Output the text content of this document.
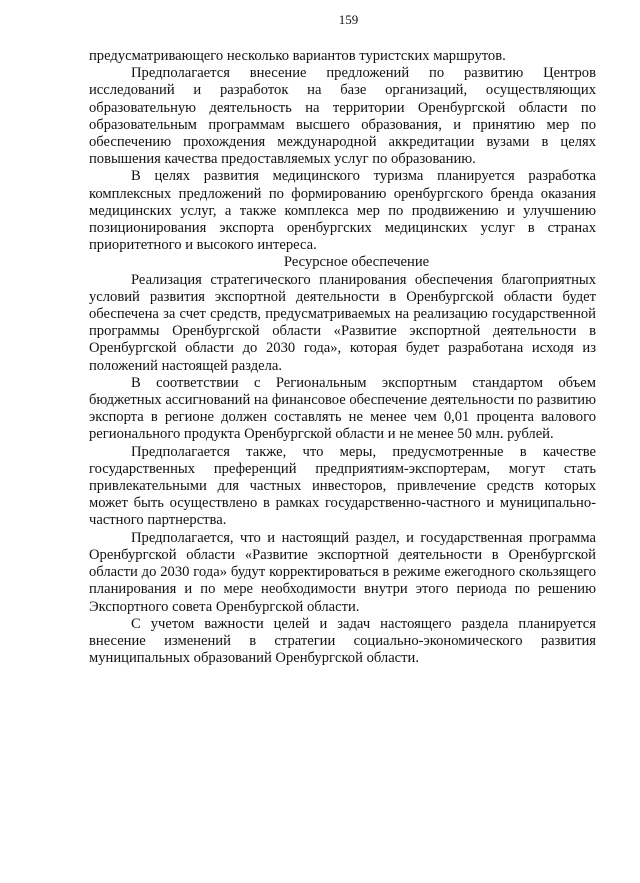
159

предусматривающего несколько вариантов туристских маршрутов.

Предполагается внесение предложений по развитию Центров исследований и разработок на базе организаций, осуществляющих образовательную деятельность на территории Оренбургской области по образовательным программам высшего образования, и принятию мер по обеспечению прохождения международной аккредитации вузами в целях повышения качества предоставляемых услуг по образованию.

В целях развития медицинского туризма планируется разработка комплексных предложений по формированию оренбургского бренда оказания медицинских услуг, а также комплекса мер по продвижению и улучшению позиционирования экспорта оренбургских медицинских услуг в странах приоритетного и высокого интереса.

Ресурсное обеспечение

Реализация стратегического планирования обеспечения благоприятных условий развития экспортной деятельности в Оренбургской области будет обеспечена за счет средств, предусматриваемых на реализацию государственной программы Оренбургской области «Развитие экспортной деятельности в Оренбургской области до 2030 года», которая будет разработана исходя из положений настоящей раздела.

В соответствии с Региональным экспортным стандартом объем бюджетных ассигнований на финансовое обеспечение деятельности по развитию экспорта в регионе должен составлять не менее чем 0,01 процента валового регионального продукта Оренбургской области и не менее 50 млн. рублей.

Предполагается также, что меры, предусмотренные в качестве государственных преференций предприятиям-экспортерам, могут стать привлекательными для частных инвесторов, привлечение средств которых может быть осуществлено в рамках государственно-частного и муниципально-частного партнерства.

Предполагается, что и настоящий раздел, и государственная программа Оренбургской области «Развитие экспортной деятельности в Оренбургской области до 2030 года» будут корректироваться в режиме ежегодного скользящего планирования и по мере необходимости внутри этого периода по решению Экспортного совета Оренбургской области.

С учетом важности целей и задач настоящего раздела планируется внесение изменений в стратегии социально-экономического развития муниципальных образований Оренбургской области.
